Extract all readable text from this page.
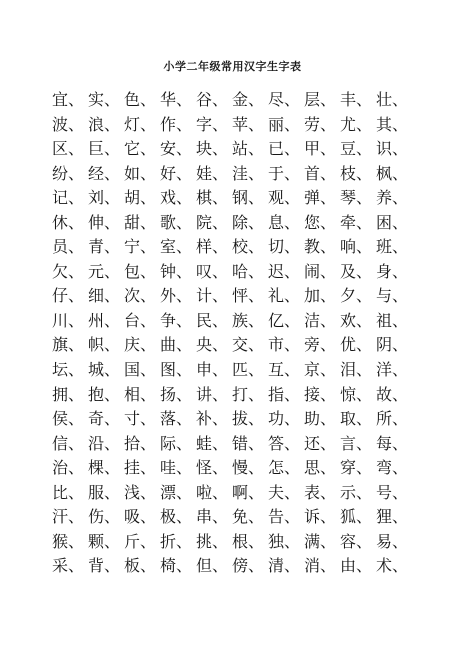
小学二年级常用汉字生字表
宜、 实、 色、 华、 谷、 金、 尽、 层、 丰、 壮、
波、 浪、 灯、 作、 字、 苹、 丽、 劳、 尤、 其、
区、 巨、 它、 安、 块、 站、 已、 甲、 豆、 识、
纷、 经、 如、 好、 娃、 洼、 于、 首、 枝、 枫、
记、 刘、 胡、 戏、 棋、 钢、 观、 弹、 琴、 养、
休、 伸、 甜、 歌、 院、 除、 息、 您、 牵、 困、
员、 青、 宁、 室、 样、 校、 切、 教、 响、 班、
欠、 元、 包、 钟、 叹、 哈、 迟、 闹、 及、 身、
仔、 细、 次、 外、 计、 怦、 礼、 加、 夕、 与、
川、 州、 台、 争、 民、 族、 亿、 洁、 欢、 祖、
旗、 帜、 庆、 曲、 央、 交、 市、 旁、 优、 阴、
坛、 城、 国、 图、 申、 匹、 互、 京、 泪、 洋、
拥、 抱、 相、 扬、 讲、 打、 指、 接、 惊、 故、
侯、 奇、 寸、 落、 补、 拔、 功、 助、 取、 所、
信、 沿、 拾、 际、 蛙、 错、 答、 还、 言、 每、
治、 棵、 挂、 哇、 怪、 慢、 怎、 思、 穿、 弯、
比、 服、 浅、 漂、 啦、 啊、 夫、 表、 示、 号、
汗、 伤、 吸、 极、 串、 免、 告、 诉、 狐、 狸、
猴、 颗、 斤、 折、 挑、 根、 独、 满、 容、 易、
采、 背、 板、 椅、 但、 傍、 清、 消、 由、 术、
